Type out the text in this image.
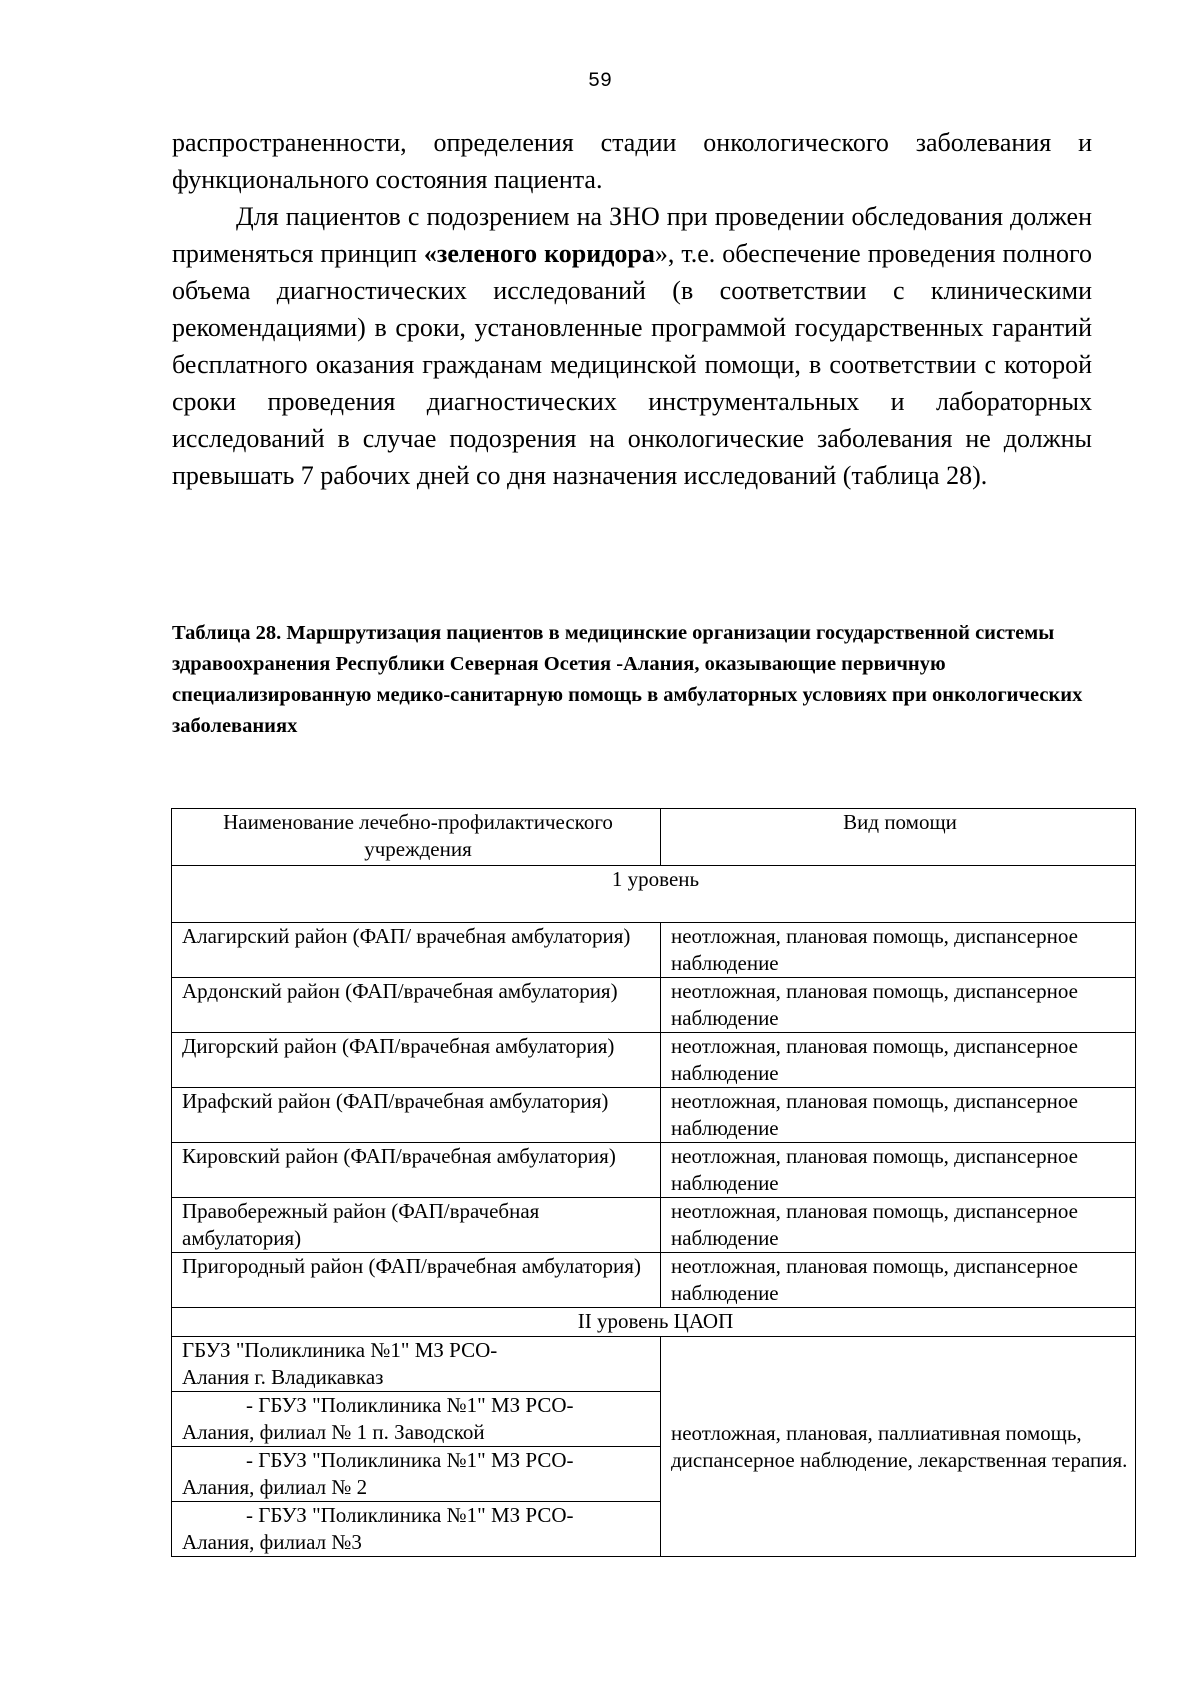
59

распространенности, определения стадии онкологического заболевания и функционального состояния пациента.

Для пациентов с подозрением на ЗНО при проведении обследования должен применяться принцип «зеленого коридора», т.е. обеспечение проведения полного объема диагностических исследований (в соответствии с клиническими рекомендациями) в сроки, установленные программой государственных гарантий бесплатного оказания гражданам медицинской помощи, в соответствии с которой сроки проведения диагностических инструментальных и лабораторных исследований в случае подозрения на онкологические заболевания не должны превышать 7 рабочих дней со дня назначения исследований (таблица 28).

Таблица 28. Маршрутизация пациентов в медицинские организации государственной системы здравоохранения Республики Северная Осетия -Алания, оказывающие первичную специализированную медико-санитарную помощь в амбулаторных условиях при онкологических заболеваниях
Наименование лечебно-профилактического учреждения	Вид помощи
1 уровень	
Алагирский район (ФАП/ врачебная амбулатория)	неотложная, плановая помощь, диспансерное наблюдение
Ардонский район (ФАП/врачебная амбулатория)	неотложная, плановая помощь, диспансерное наблюдение
Дигорский район (ФАП/врачебная амбулатория)	неотложная, плановая помощь, диспансерное наблюдение
Ирафский район (ФАП/врачебная амбулатория)	неотложная, плановая помощь, диспансерное наблюдение
Кировский район (ФАП/врачебная амбулатория)	неотложная, плановая помощь, диспансерное наблюдение
Правобережный район (ФАП/врачебная амбулатория)	неотложная, плановая помощь, диспансерное наблюдение
Пригородный район (ФАП/врачебная амбулатория)	неотложная, плановая помощь, диспансерное наблюдение
II уровень ЦАОП	
ГБУЗ "Поликлиника №1" МЗ РСО-
Алания г. Владикавказ	неотложная, плановая, паллиативная помощь, диспансерное наблюдение, лекарственная терапия.
- ГБУЗ "Поликлиника №1" МЗ РСО-
Алания, филиал № 1 п. Заводской	
- ГБУЗ "Поликлиника №1" МЗ РСО-
Алания, филиал № 2	
- ГБУЗ "Поликлиника №1" МЗ РСО-
Алания, филиал №3	
